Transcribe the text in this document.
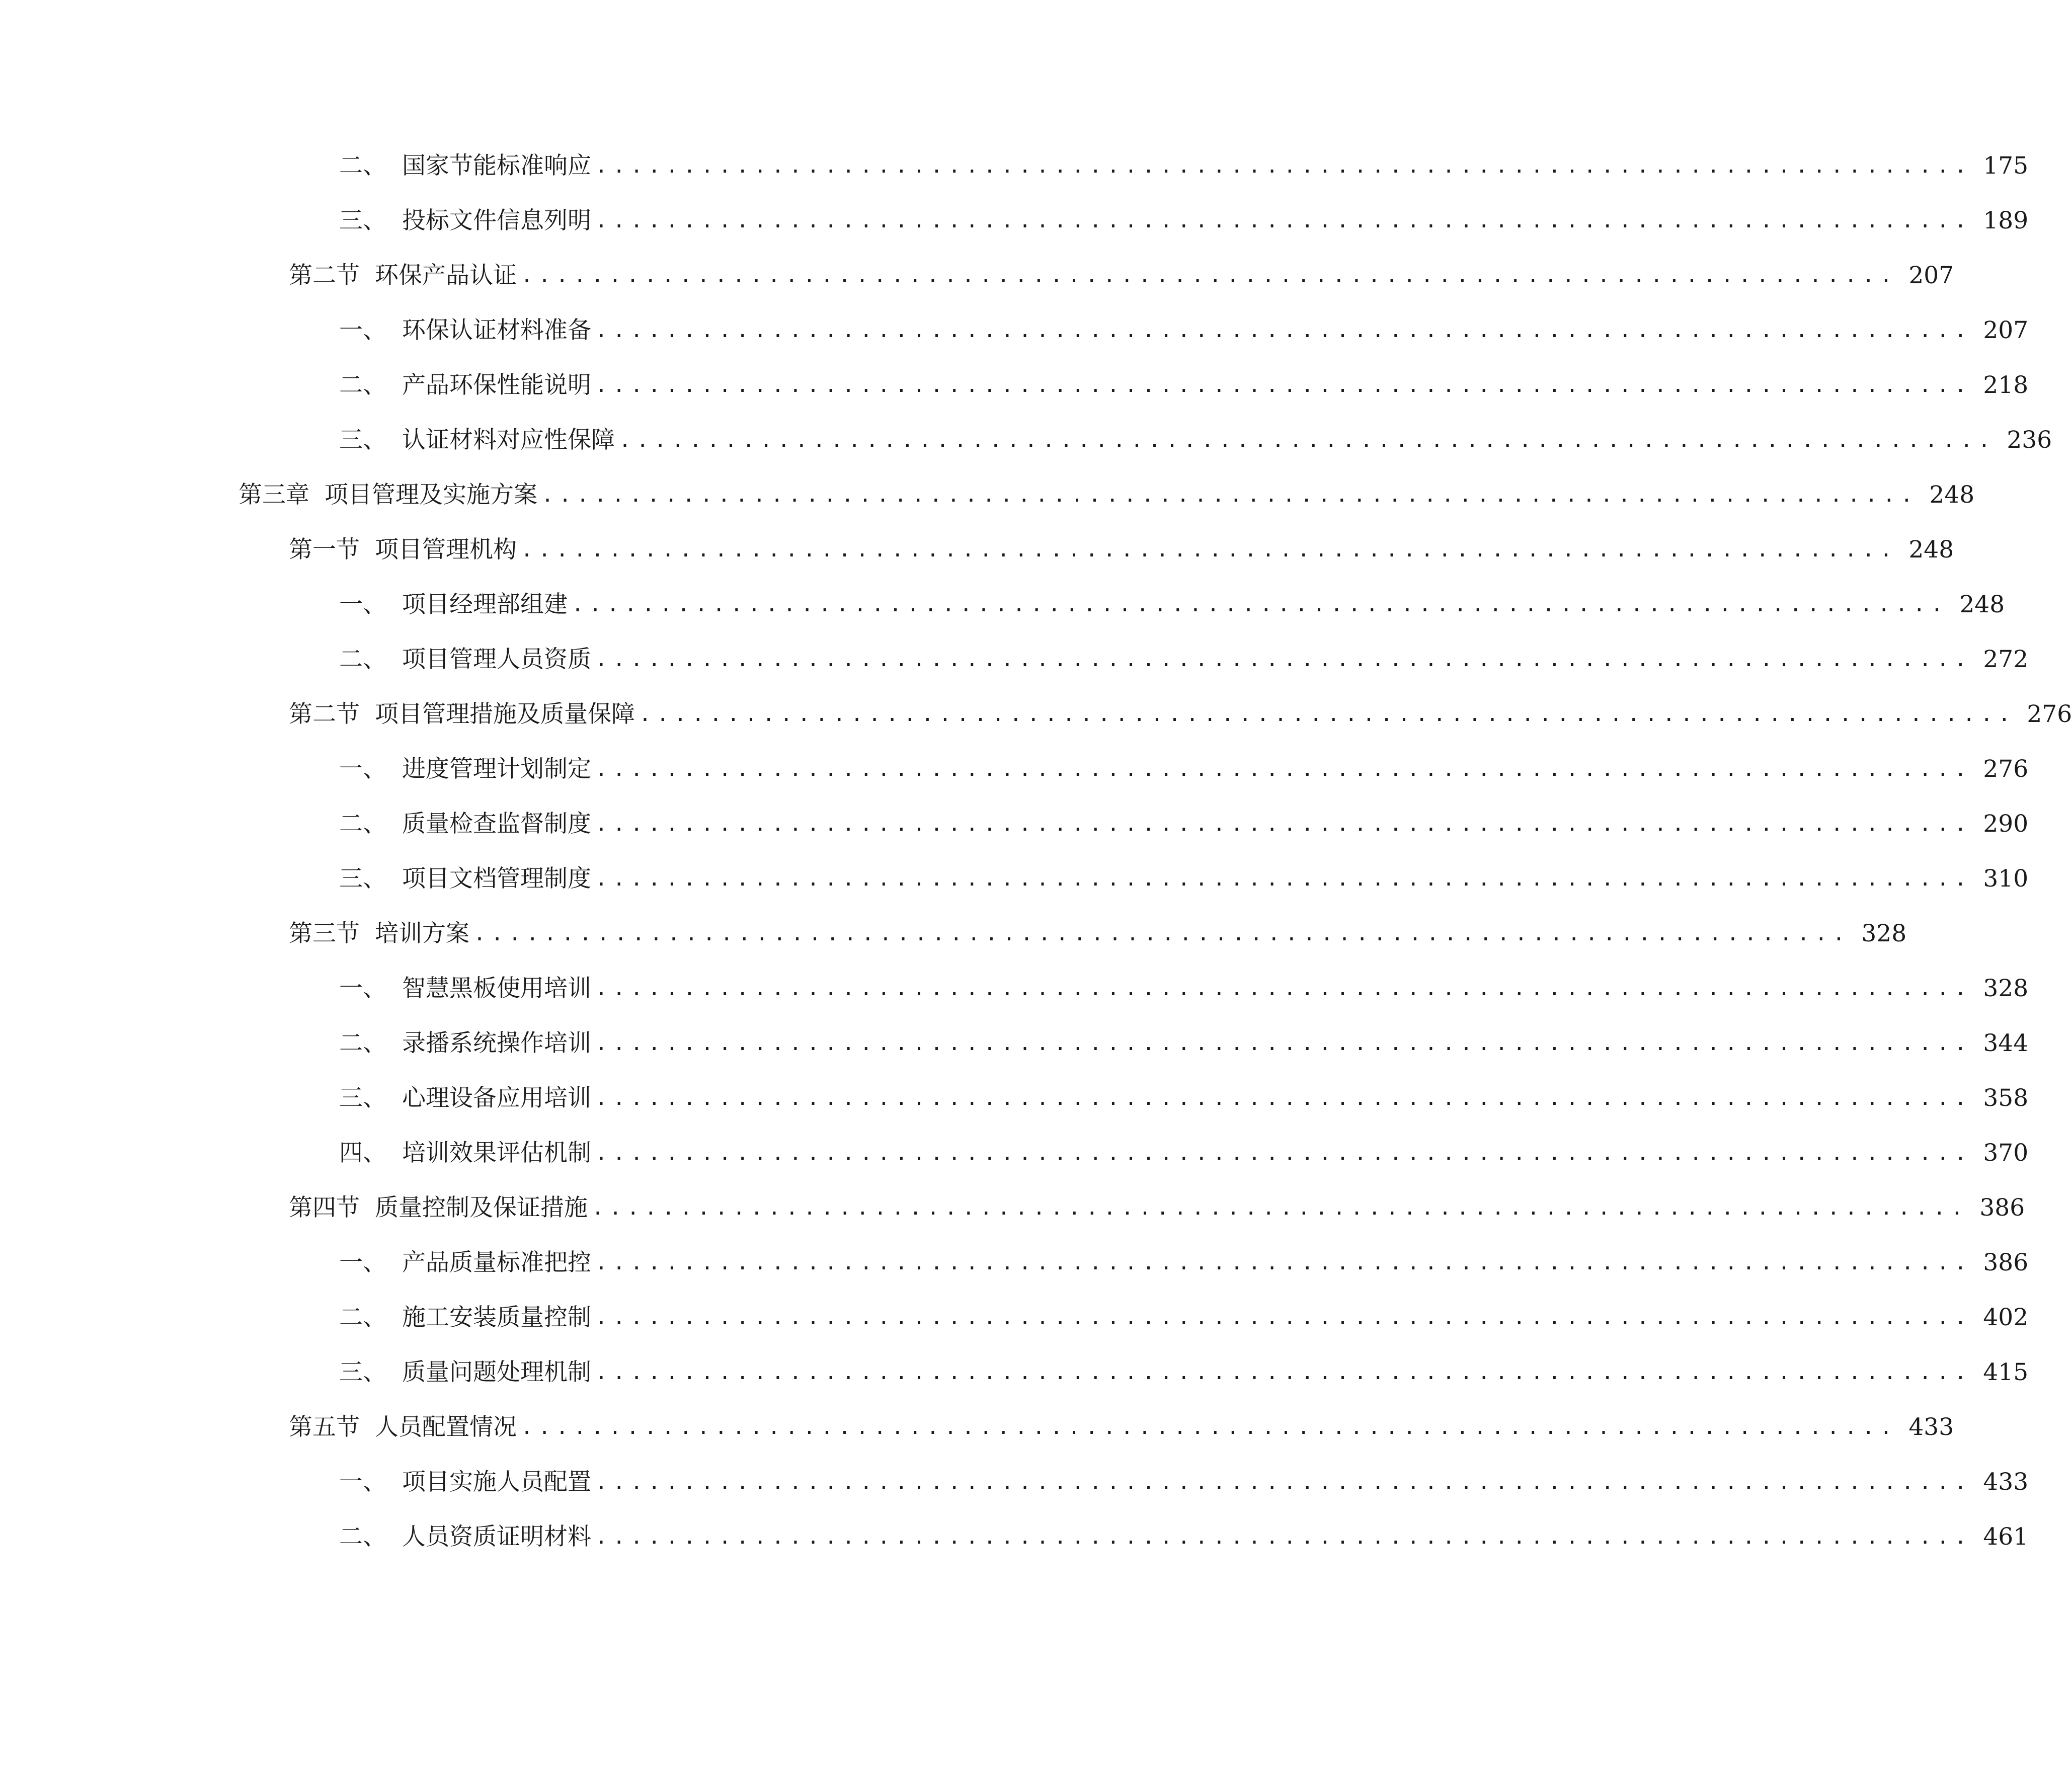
二、 国家节能标准响应 .............................................................................. 175
三、 投标文件信息列明 .............................................................................. 189
第二节 环保产品认证 .............................................................................. 207
一、 环保认证材料准备 .............................................................................. 207
二、 产品环保性能说明 .............................................................................. 218
三、 认证材料对应性保障 .............................................................................. 236
第三章 项目管理及实施方案 .............................................................................. 248
第一节 项目管理机构 .............................................................................. 248
一、 项目经理部组建 .............................................................................. 248
二、 项目管理人员资质 .............................................................................. 272
第二节 项目管理措施及质量保障 .............................................................................. 276
一、 进度管理计划制定 .............................................................................. 276
二、 质量检查监督制度 .............................................................................. 290
三、 项目文档管理制度 .............................................................................. 310
第三节 培训方案 .............................................................................. 328
一、 智慧黑板使用培训 .............................................................................. 328
二、 录播系统操作培训 .............................................................................. 344
三、 心理设备应用培训 .............................................................................. 358
四、 培训效果评估机制 .............................................................................. 370
第四节 质量控制及保证措施 .............................................................................. 386
一、 产品质量标准把控 .............................................................................. 386
二、 施工安装质量控制 .............................................................................. 402
三、 质量问题处理机制 .............................................................................. 415
第五节 人员配置情况 .............................................................................. 433
一、 项目实施人员配置 .............................................................................. 433
二、 人员资质证明材料 .............................................................................. 461
